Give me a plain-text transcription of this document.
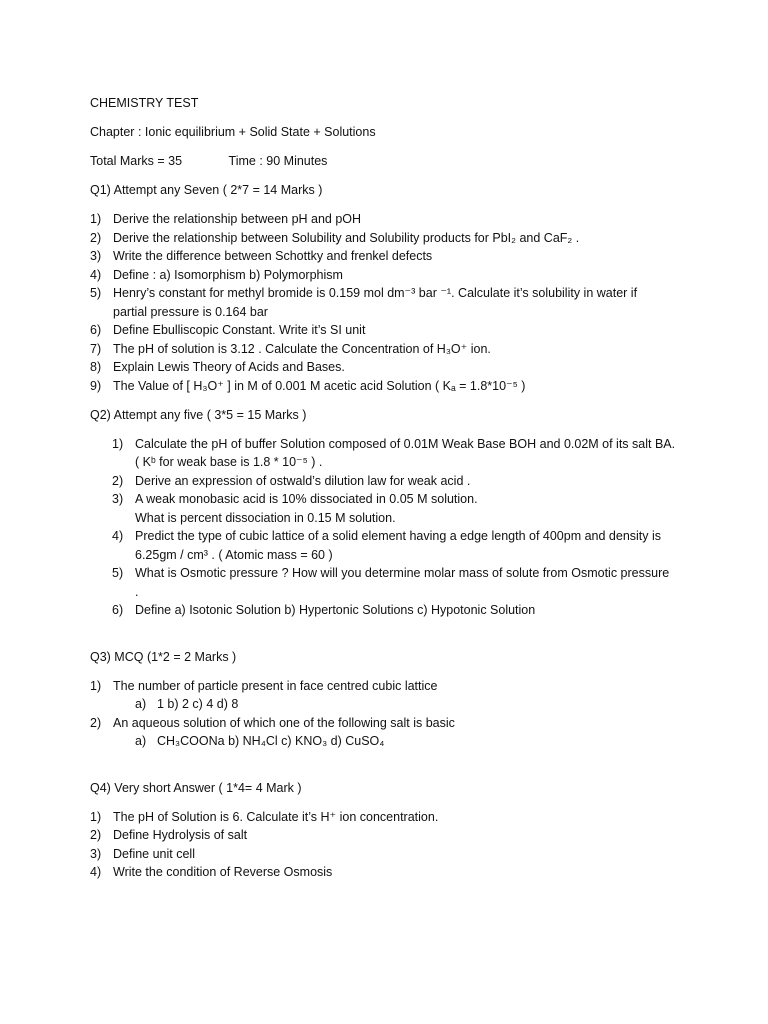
CHEMISTRY TEST
Chapter : Ionic equilibrium + Solid State + Solutions
Total Marks = 35	Time : 90 Minutes
Q1) Attempt any Seven ( 2*7 = 14 Marks )
1) Derive the relationship between pH and pOH
2) Derive the relationship between Solubility and Solubility products for PbI₂ and CaF₂ .
3) Write the difference between Schottky and frenkel defects
4) Define : a) Isomorphism b) Polymorphism
5) Henry’s constant for methyl bromide is 0.159 mol dm⁻³ bar ⁻¹. Calculate it’s solubility in water if
partial pressure is 0.164 bar
6) Define Ebulliscopic Constant. Write it’s SI unit
7) The pH of solution is 3.12 . Calculate the Concentration of H₃O⁺ ion.
8) Explain Lewis Theory of Acids and Bases.
9) The Value of [ H₃O⁺ ] in M of 0.001 M acetic acid Solution ( Kₐ = 1.8*10⁻⁵ )
Q2) Attempt any five ( 3*5 = 15 Marks )
1) Calculate the pH of buffer Solution composed of 0.01M Weak Base BOH and 0.02M of its salt BA.
( Kᵇ for weak base is 1.8 * 10⁻⁵ ) .
2) Derive an expression of ostwald’s dilution law for weak acid .
3) A weak monobasic acid is 10% dissociated in 0.05 M solution.
What is percent dissociation in 0.15 M solution.
4) Predict the type of cubic lattice of a solid element having a edge length of 400pm and density is
6.25gm / cm³ . ( Atomic mass = 60 )
5) What is Osmotic pressure ? How will you determine molar mass of solute from Osmotic pressure
.
6) Define a) Isotonic Solution b) Hypertonic Solutions c) Hypotonic Solution
Q3) MCQ (1*2 = 2 Marks )
1) The number of particle present in face centred cubic lattice
a) 1 b) 2 c) 4 d) 8
2) An aqueous solution of which one of the following salt is basic
a) CH₃COONa b) NH₄Cl c) KNO₃ d) CuSO₄
Q4) Very short Answer ( 1*4= 4 Mark )
1) The pH of Solution is 6. Calculate it’s H⁺ ion concentration.
2) Define Hydrolysis of salt
3) Define unit cell
4) Write the condition of Reverse Osmosis
